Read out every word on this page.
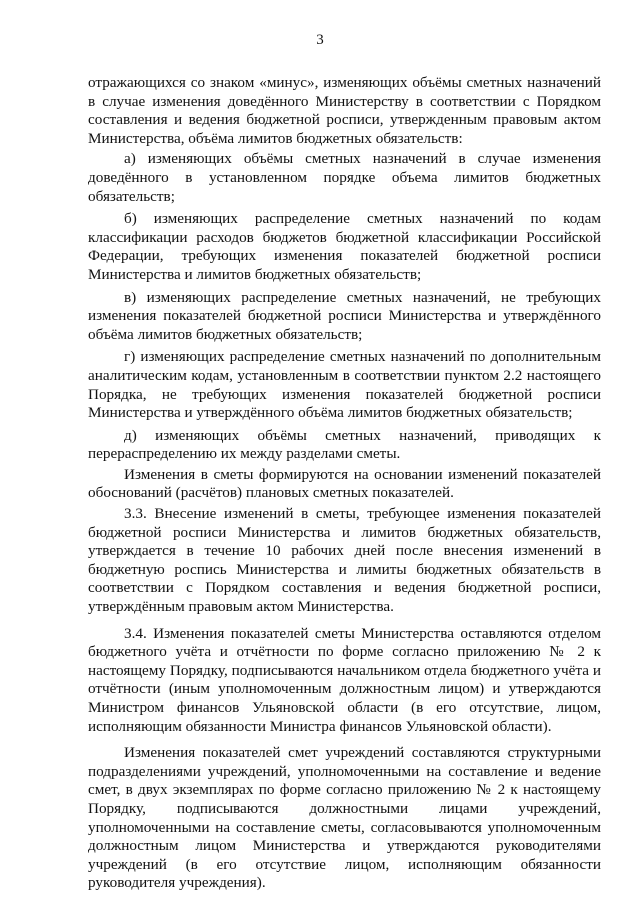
3

отражающихся со знаком «минус», изменяющих объёмы сметных назначений в случае изменения доведённого Министерству в соответствии с Порядком составления и ведения бюджетной росписи, утвержденным правовым актом Министерства, объёма лимитов бюджетных обязательств:

а) изменяющих объёмы сметных назначений в случае изменения доведённого в установленном порядке объема лимитов бюджетных обязательств;

б) изменяющих распределение сметных назначений по кодам классификации расходов бюджетов бюджетной классификации Российской Федерации, требующих изменения показателей бюджетной росписи Министерства и лимитов бюджетных обязательств;

в) изменяющих распределение сметных назначений, не требующих изменения показателей бюджетной росписи Министерства и утверждённого объёма лимитов бюджетных обязательств;

г) изменяющих распределение сметных назначений по дополнительным аналитическим кодам, установленным в соответствии пунктом 2.2 настоящего Порядка, не требующих изменения показателей бюджетной росписи Министерства и утверждённого объёма лимитов бюджетных обязательств;

д) изменяющих объёмы сметных назначений, приводящих к перераспределению их между разделами сметы.

Изменения в сметы формируются на основании изменений показателей обоснований (расчётов) плановых сметных показателей.

3.3. Внесение изменений в сметы, требующее изменения показателей бюджетной росписи Министерства и лимитов бюджетных обязательств, утверждается в течение 10 рабочих дней после внесения изменений в бюджетную роспись Министерства и лимиты бюджетных обязательств в соответствии с Порядком составления и ведения бюджетной росписи, утверждённым правовым актом Министерства.

3.4. Изменения показателей сметы Министерства оставляются отделом бюджетного учёта и отчётности по форме согласно приложению № 2 к настоящему Порядку, подписываются начальником отдела бюджетного учёта и отчётности (иным уполномоченным должностным лицом) и утверждаются Министром финансов Ульяновской области (в его отсутствие, лицом, исполняющим обязанности Министра финансов Ульяновской области).

Изменения показателей смет учреждений составляются структурными подразделениями учреждений, уполномоченными на составление и ведение смет, в двух экземплярах по форме согласно приложению № 2 к настоящему Порядку, подписываются должностными лицами учреждений, уполномоченными на составление сметы, согласовываются уполномоченным должностным лицом Министерства и утверждаются руководителями учреждений (в его отсутствие лицом, исполняющим обязанности руководителя учреждения).
